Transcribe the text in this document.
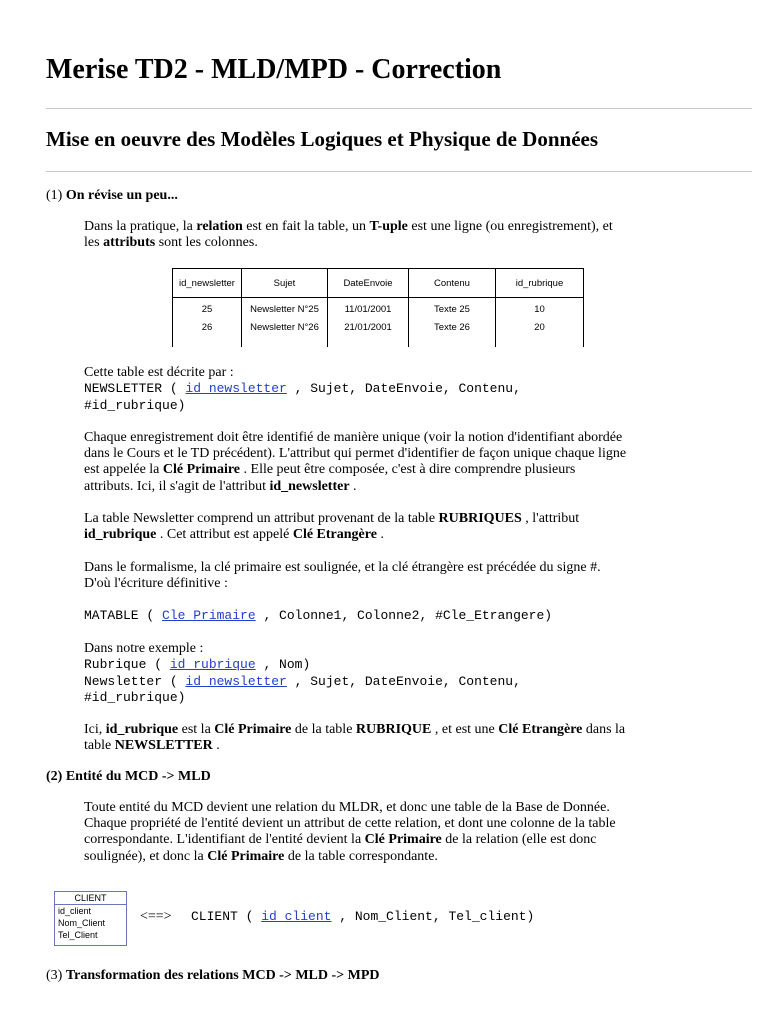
Merise TD2 - MLD/MPD - Correction
Mise en oeuvre des Modèles Logiques et Physique de Données
(1) On révise un peu...
Dans la pratique, la relation est en fait la table, un T-uple est une ligne (ou enregistrement), et
les attributs sont les colonnes.
id_newsletter	Sujet	DateEnvoie	Contenu	id_rubrique
25	Newsletter N°25	11/01/2001	Texte 25	10
26	Newsletter N°26	21/01/2001	Texte 26	20
Cette table est décrite par :
NEWSLETTER ( id_newsletter , Sujet, DateEnvoie, Contenu,
#id_rubrique)
Chaque enregistrement doit être identifié de manière unique (voir la notion d'identifiant abordée
dans le Cours et le TD précédent). L'attribut qui permet d'identifier de façon unique chaque ligne
est appelée la Clé Primaire . Elle peut être composée, c'est à dire comprendre plusieurs
attributs. Ici, il s'agit de l'attribut id_newsletter .
La table Newsletter comprend un attribut provenant de la table RUBRIQUES , l'attribut
id_rubrique . Cet attribut est appelé Clé Etrangère .
Dans le formalisme, la clé primaire est soulignée, et la clé étrangère est précédée du signe #.
D'où l'écriture définitive :
MATABLE ( Cle_Primaire , Colonne1, Colonne2, #Cle_Etrangere)
Dans notre exemple :
Rubrique ( id_rubrique , Nom)
Newsletter ( id_newsletter , Sujet, DateEnvoie, Contenu,
#id_rubrique)
Ici, id_rubrique est la Clé Primaire de la table RUBRIQUE , et est une Clé Etrangère dans la
table NEWSLETTER .
(2) Entité du MCD -> MLD
Toute entité du MCD devient une relation du MLDR, et donc une table de la Base de Donnée.
Chaque propriété de l'entité devient un attribut de cette relation, et dont une colonne de la table
correspondante. L'identifiant de l'entité devient la Clé Primaire de la relation (elle est donc
soulignée), et donc la Clé Primaire de la table correspondante.
CLIENT
id_client
Nom_Client
Tel_Client
<==> CLIENT ( id_client , Nom_Client, Tel_client)
(3) Transformation des relations MCD -> MLD -> MPD
